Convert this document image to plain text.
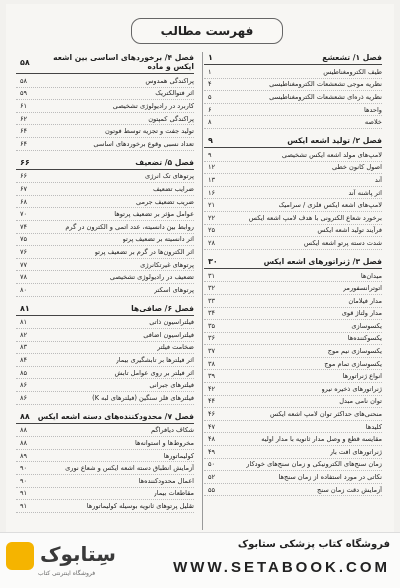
فهرست مطالب
فصل ۱/ تشعشع
۱
طیف الکترومغناطیس
۱
نظریه موجی تشعشعات الکترومغناطیسی
۴
نظریه ذره‌ای تشعشعات الکترومغناطیسی
۵
واحدها
۶
خلاصه
۸
فصل ۲/ تولید اشعه ایکس
۹
لامپ‌های مولد اشعه ایکس تشخیصی
۹
اصول کانون خطی
۱۲
آند
۱۳
اثر پاشنه آند
۱۶
لامپ‌های اشعه ایکس فلزی / سرامیک
۲۱
برخورد شعاع الکترونی با هدف لامپ اشعه ایکس
۲۲
فرآیند تولید اشعه ایکس
۲۵
شدت دسته پرتو اشعه ایکس
۲۸
فصل ۳/ ژنراتورهای اشعه ایکس
۳۰
میدان‌ها
۳۱
اتوترانسفورمر
۳۲
مدار فیلامان
۳۳
مدار ولتاژ قوی
۳۴
یکسوسازی
۳۵
یکسوکننده‌ها
۳۶
یکسوسازی نیم موج
۳۷
یکسوسازی تمام موج
۳۸
انواع ژنراتورها
۳۹
ژنراتورهای ذخیره نیرو
۴۲
توان نامی مبدل
۴۴
منحنی‌های حداکثر توان لامپ اشعه ایکس
۴۶
کلیدها
۴۷
مقایسه قطع و وصل مدار ثانویه با مدار اولیه
۴۸
ژنراتورهای افت بار
۴۹
زمان سنج‌های الکترونیکی و زمان سنج‌های خودکار
۵۰
نکاتی در مورد استفاده از زمان سنج‌ها
۵۲
آزمایش دقت زمان سنج
۵۵
فصل ۴/ برخوردهای اساسی بین اشعه ایکس و ماده
۵۸
پراکندگی همدوس
۵۸
اثر فتوالکتریک
۵۹
کاربرد در رادیولوژی تشخیصی
۶۱
پراکندگی کمپتون
۶۲
تولید جفت و تجزیه توسط فوتون
۶۴
تعداد نسبی وقوع برخوردهای اساسی
۶۴
فصل ۵/ تضعیف
۶۶
پرتوهای تک انرژی
۶۶
ضرایب تضعیف
۶۷
ضریب تضعیف جرمی
۶۸
عوامل مؤثر بر تضعیف پرتوها
۷۰
روابط بین دانسیته، عدد اتمی و الکترون در گرم
۷۴
اثر دانسیته بر تضعیف پرتو
۷۵
اثر الکترون‌ها در گرم بر تضعیف پرتو
۷۶
پرتوهای غیرتکانرژی
۷۷
تضعیف در رادیولوژی تشخیصی
۷۸
پرتوهای اسکتر
۸۰
فصل ۶/ صافی‌ها
۸۱
فیلتراسیون ذاتی
۸۱
فیلتراسیون اضافی
۸۲
ضخامت فیلتر
۸۳
اثر فیلترها بر تابشگیری بیمار
۸۴
اثر فیلتر بر روی عوامل تابش
۸۵
فیلترهای جبرانی
۸۶
فیلترهای فلز سنگین (فیلترهای لبه K)
۸۶
فصل ۷/ محدودکننده‌های دسته اشعه ایکس
۸۸
شکاف دیافراگم
۸۸
مخروط‌ها و استوانه‌ها
۸۸
کولیماتورها
۸۹
آزمایش انطباق دسته اشعه ایکس و شعاع نوری
۹۰
اعمال محدودکننده‌ها
۹۰
مقاطعات بیمار
۹۱
تقلیل پرتوهای ثانویه بوسیله کولیماتورها
۹۱
سِتابوک
فروشگاه اینترنتی کتاب
فروشگاه کتاب پزشکی ستابوک
WWW.SETABOOK.COM
